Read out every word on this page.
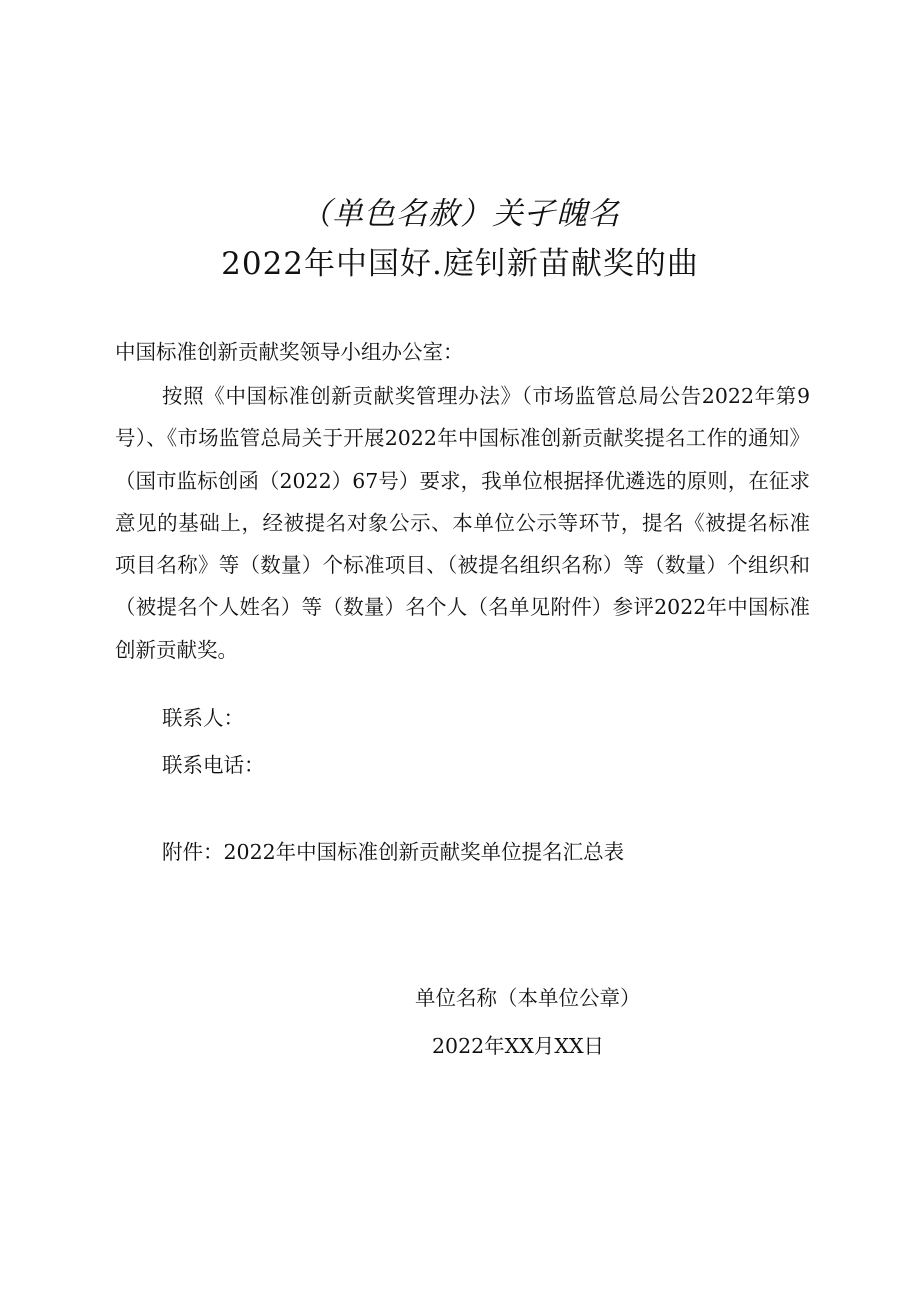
（单色名赦）关孑魄名
2022年中国好.庭钊新苗献奖的曲
中国标准创新贡献奖领导小组办公室：
按照《中国标准创新贡献奖管理办法》（市场监管总局公告2022年第9号）、《市场监管总局关于开展2022年中国标准创新贡献奖提名工作的通知》（国市监标创函（2022）67号）要求，我单位根据择优遴选的原则，在征求意见的基础上，经被提名对象公示、本单位公示等环节，提名《被提名标准项目名称》等（数量）个标准项目、（被提名组织名称）等（数量）个组织和（被提名个人姓名）等（数量）名个人（名单见附件）参评2022年中国标准创新贡献奖。
联系人：
联系电话：
附件：2022年中国标准创新贡献奖单位提名汇总表
单位名称（本单位公章）
2022年XX月XX日
